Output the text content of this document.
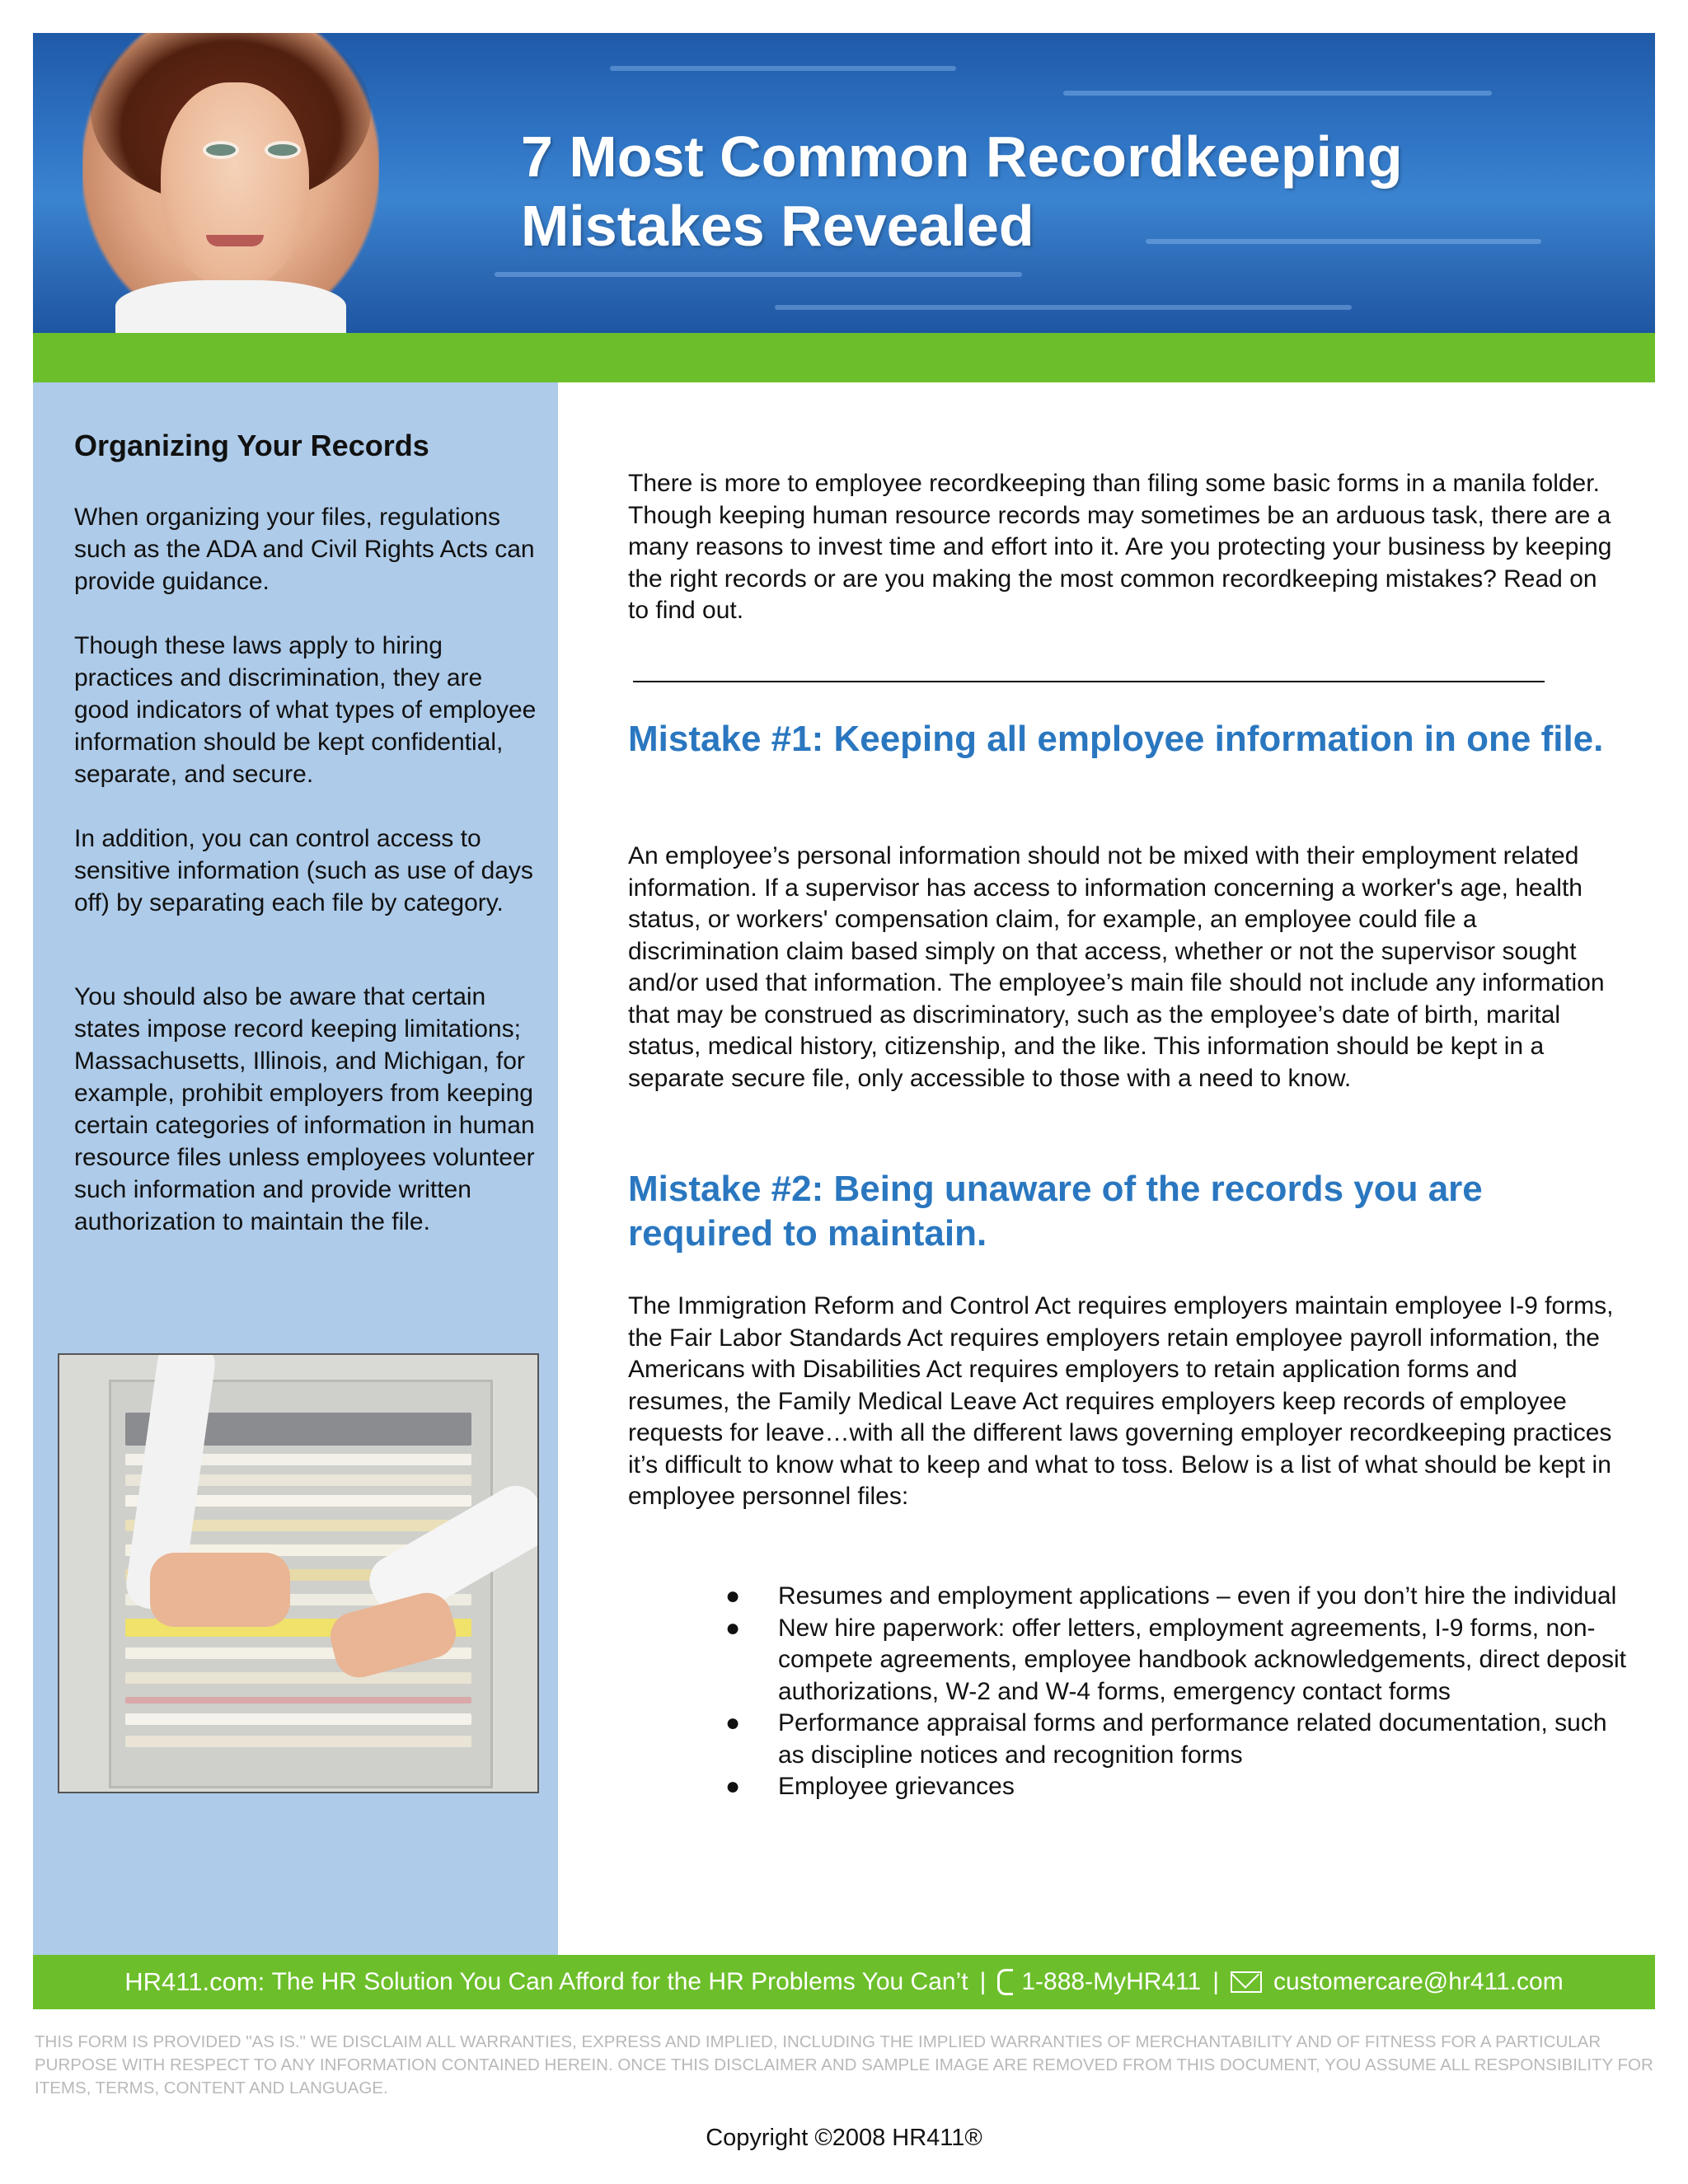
7 Most Common Recordkeeping
Mistakes Revealed
Organizing Your Records

When organizing your files, regulations such as the ADA and Civil Rights Acts can provide guidance.

Though these laws apply to hiring practices and discrimination, they are good indicators of what types of employee information should be kept confidential, separate, and secure.

In addition, you can control access to sensitive information (such as use of days off) by separating each file by category.

You should also be aware that certain states impose record keeping limitations; Massachusetts, Illinois, and Michigan, for example, prohibit employers from keeping certain categories of information in human resource files unless employees volunteer such information and provide written authorization to maintain the file.

There is more to employee recordkeeping than filing some basic forms in a manila folder. Though keeping human resource records may sometimes be an arduous task, there are a many reasons to invest time and effort into it. Are you protecting your business by keeping the right records or are you making the most common recordkeeping mistakes? Read on to find out.

Mistake #1: Keeping all employee information in one file.

An employee’s personal information should not be mixed with their employment related information. If a supervisor has access to information concerning a worker's age, health status, or workers' compensation claim, for example, an employee could file a discrimination claim based simply on that access, whether or not the supervisor sought and/or used that information. The employee’s main file should not include any information that may be construed as discriminatory, such as the employee’s date of birth, marital status, medical history, citizenship, and the like. This information should be kept in a separate secure file, only accessible to those with a need to know.

Mistake #2: Being unaware of the records you are required to maintain.

The Immigration Reform and Control Act requires employers maintain employee I-9 forms, the Fair Labor Standards Act requires employers retain employee payroll information, the Americans with Disabilities Act requires employers to retain application forms and resumes, the Family Medical Leave Act requires employers keep records of employee requests for leave…with all the different laws governing employer recordkeeping practices it’s difficult to know what to keep and what to toss. Below is a list of what should be kept in employee personnel files:

● Resumes and employment applications – even if you don’t hire the individual
● New hire paperwork: offer letters, employment agreements, I-9 forms, non-compete agreements, employee handbook acknowledgements, direct deposit authorizations, W-2 and W-4 forms, emergency contact forms
● Performance appraisal forms and performance related documentation, such as discipline notices and recognition forms
● Employee grievances
HR411.com:
The HR Solution You Can Afford for the HR Problems You Can’t | 1-888-MyHR411 | customercare@hr411.com

THIS FORM IS PROVIDED "AS IS." WE DISCLAIM ALL WARRANTIES, EXPRESS AND IMPLIED, INCLUDING THE IMPLIED WARRANTIES OF MERCHANTABILITY AND OF FITNESS FOR A PARTICULAR PURPOSE WITH RESPECT TO ANY INFORMATION CONTAINED HEREIN. ONCE THIS DISCLAIMER AND SAMPLE IMAGE ARE REMOVED FROM THIS DOCUMENT, YOU ASSUME ALL RESPONSIBILITY FOR ITEMS, TERMS, CONTENT AND LANGUAGE.

Copyright ©2008 HR411®
